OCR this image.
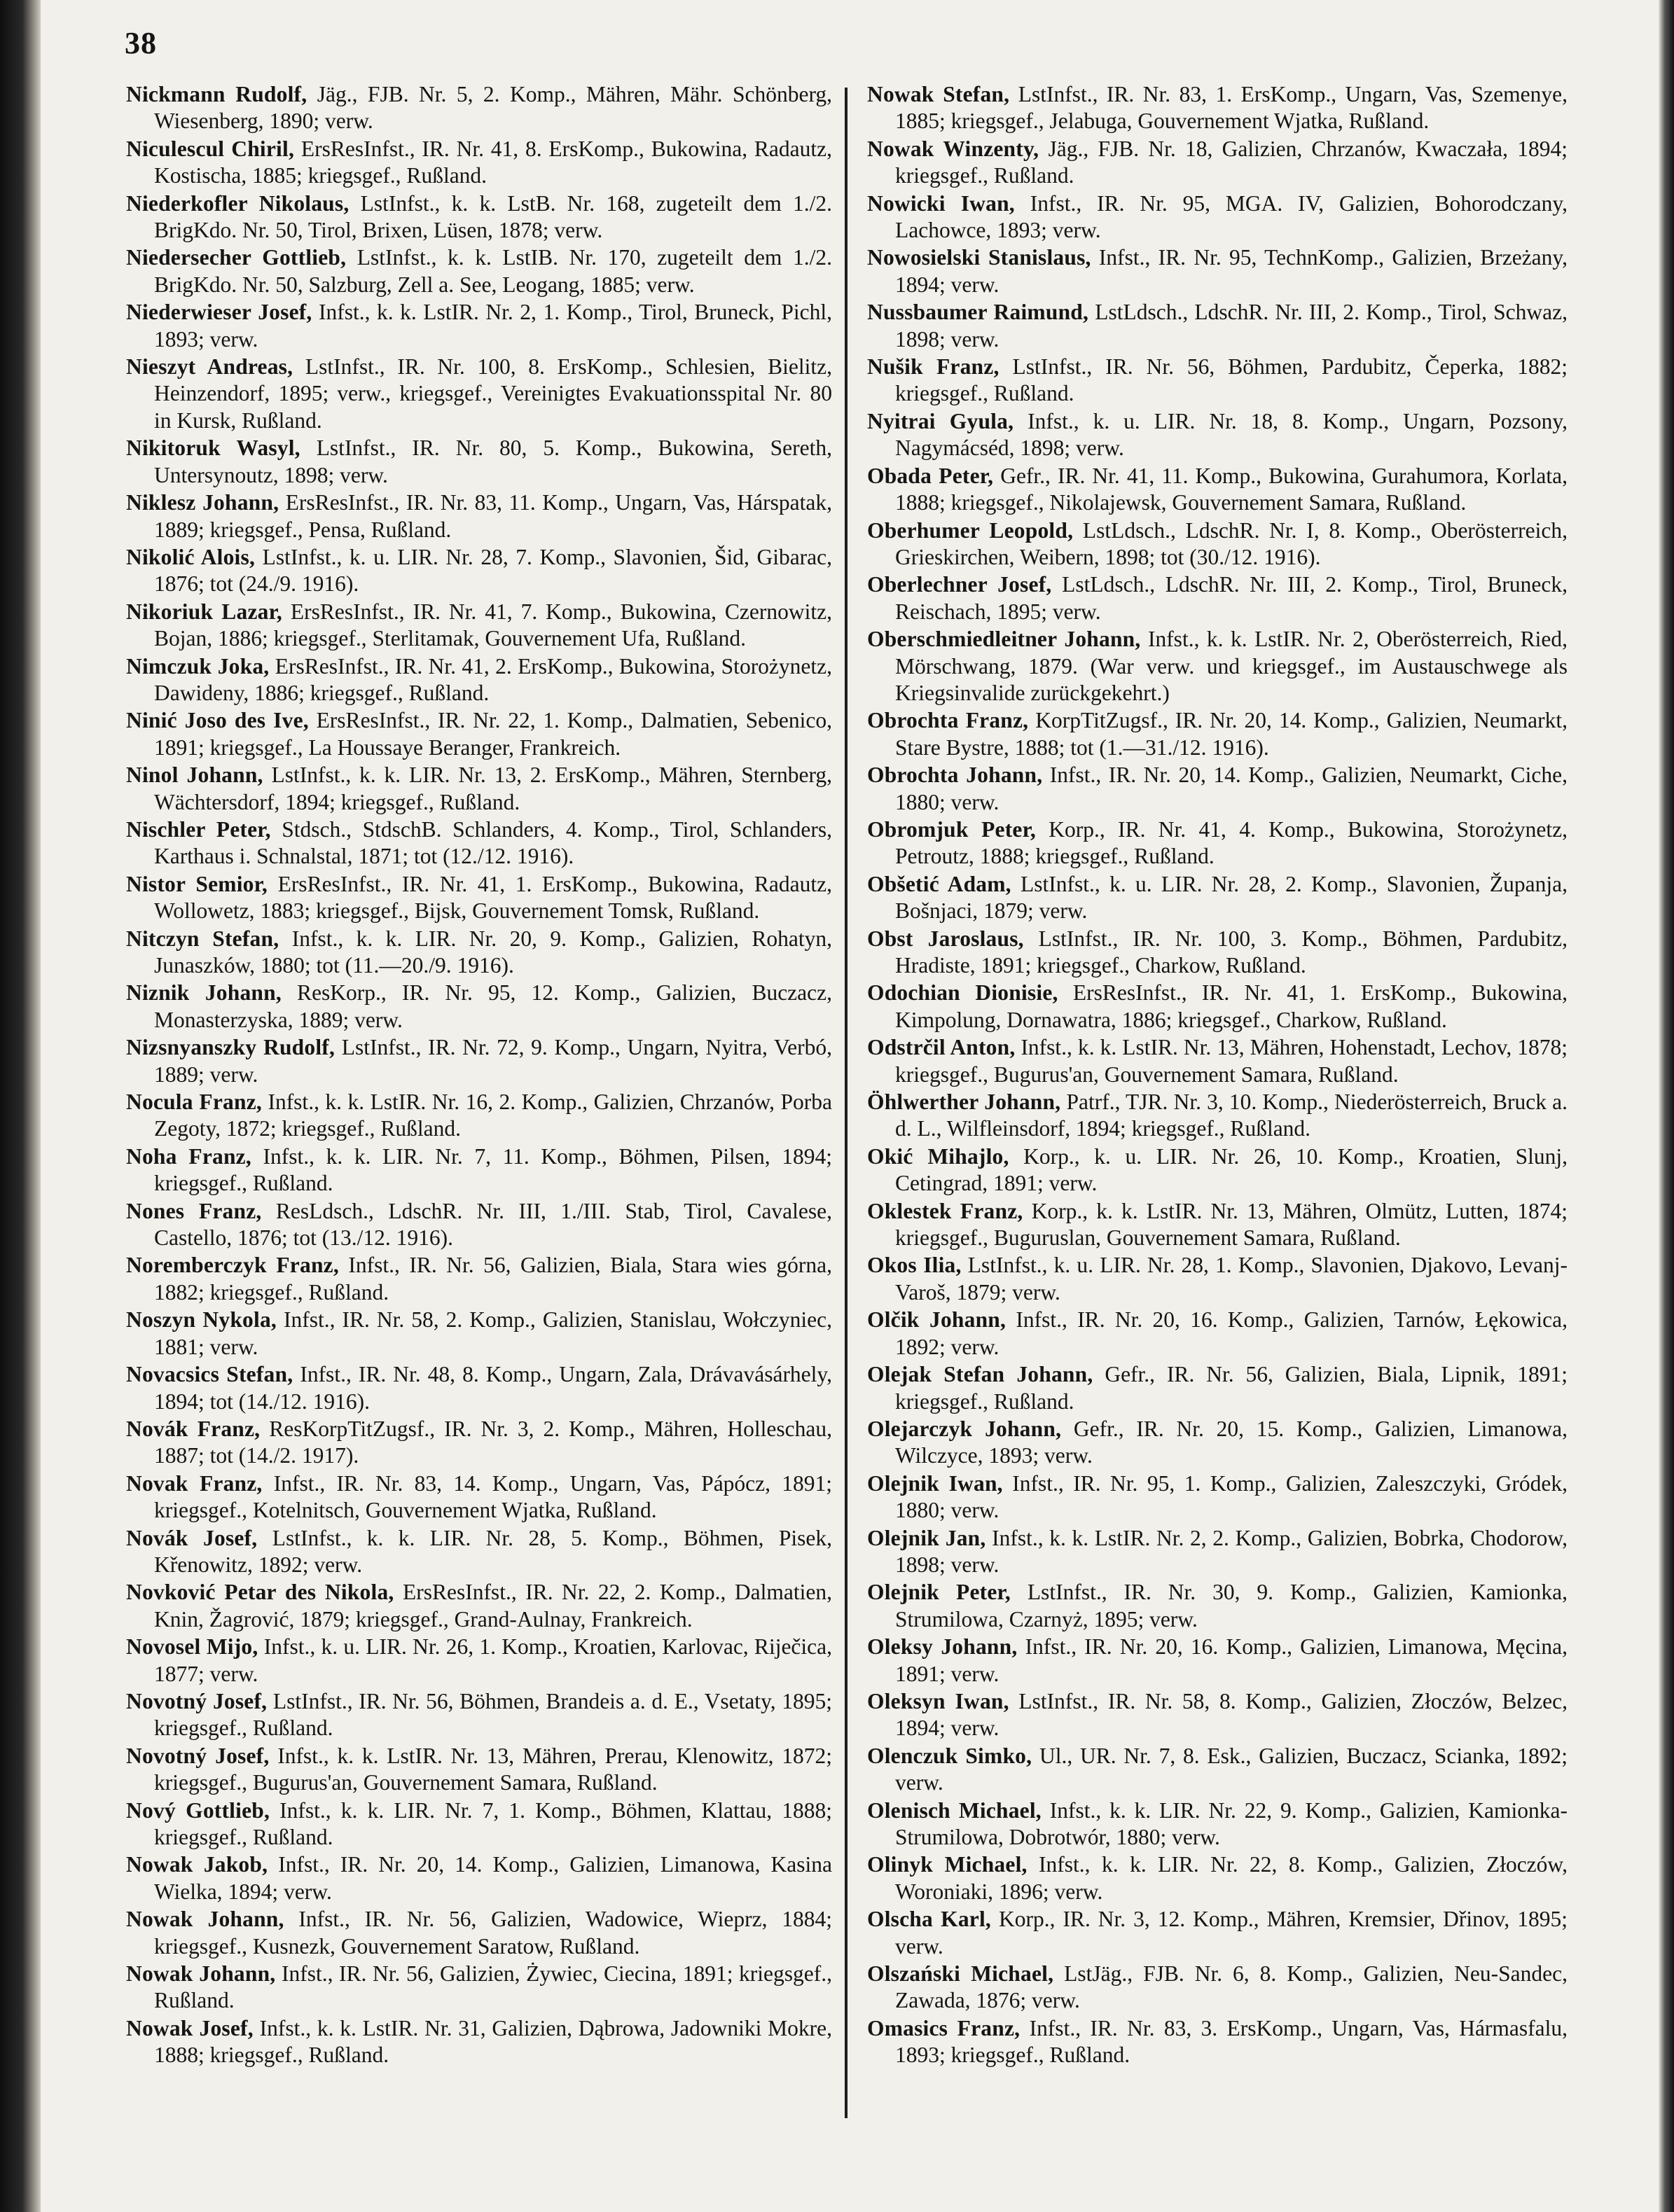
38
Nickmann Rudolf, Jäg., FJB. Nr. 5, 2. Komp., Mähren, Mähr. Schönberg, Wiesenberg, 1890; verw.
Niculescul Chiril, ErsResInfst., IR. Nr. 41, 8. ErsKomp., Bukowina, Radautz, Kostischa, 1885; kriegsgef., Rußland.
Niederkofler Nikolaus, LstInfst., k. k. LstB. Nr. 168, zugeteilt dem 1./2. BrigKdo. Nr. 50, Tirol, Brixen, Lüsen, 1878; verw.
Niedersecher Gottlieb, LstInfst., k. k. LstIB. Nr. 170, zugeteilt dem 1./2. BrigKdo. Nr. 50, Salzburg, Zell a. See, Leogang, 1885; verw.
Niederwieser Josef, Infst., k. k. LstIR. Nr. 2, 1. Komp., Tirol, Bruneck, Pichl, 1893; verw.
Nieszyt Andreas, LstInfst., IR. Nr. 100, 8. ErsKomp., Schlesien, Bielitz, Heinzendorf, 1895; verw., kriegsgef., Vereinigtes Evakuationsspital Nr. 80 in Kursk, Rußland.
Nikitoruk Wasyl, LstInfst., IR. Nr. 80, 5. Komp., Bukowina, Sereth, Untersynoutz, 1898; verw.
Niklesz Johann, ErsResInfst., IR. Nr. 83, 11. Komp., Ungarn, Vas, Hárspatak, 1889; kriegsgef., Pensa, Rußland.
Nikolić Alois, LstInfst., k. u. LIR. Nr. 28, 7. Komp., Slavonien, Šid, Gibarac, 1876; tot (24./9. 1916).
Nikoriuk Lazar, ErsResInfst., IR. Nr. 41, 7. Komp., Bukowina, Czernowitz, Bojan, 1886; kriegsgef., Sterlitamak, Gouvernement Ufa, Rußland.
Nimczuk Joka, ErsResInfst., IR. Nr. 41, 2. ErsKomp., Bukowina, Storożynetz, Dawideny, 1886; kriegsgef., Rußland.
Ninić Joso des Ive, ErsResInfst., IR. Nr. 22, 1. Komp., Dalmatien, Sebenico, 1891; kriegsgef., La Houssaye Beranger, Frankreich.
Ninol Johann, LstInfst., k. k. LIR. Nr. 13, 2. ErsKomp., Mähren, Sternberg, Wächtersdorf, 1894; kriegsgef., Rußland.
Nischler Peter, Stdsch., StdschB. Schlanders, 4. Komp., Tirol, Schlanders, Karthaus i. Schnalstal, 1871; tot (12./12. 1916).
Nistor Semior, ErsResInfst., IR. Nr. 41, 1. ErsKomp., Bukowina, Radautz, Wollowetz, 1883; kriegsgef., Bijsk, Gouvernement Tomsk, Rußland.
Nitczyn Stefan, Infst., k. k. LIR. Nr. 20, 9. Komp., Galizien, Rohatyn, Junaszków, 1880; tot (11.—20./9. 1916).
Niznik Johann, ResKorp., IR. Nr. 95, 12. Komp., Galizien, Buczacz, Monasterzyska, 1889; verw.
Nizsnyanszky Rudolf, LstInfst., IR. Nr. 72, 9. Komp., Ungarn, Nyitra, Verbó, 1889; verw.
Nocula Franz, Infst., k. k. LstIR. Nr. 16, 2. Komp., Galizien, Chrzanów, Porba Zegoty, 1872; kriegsgef., Rußland.
Noha Franz, Infst., k. k. LIR. Nr. 7, 11. Komp., Böhmen, Pilsen, 1894; kriegsgef., Rußland.
Nones Franz, ResLdsch., LdschR. Nr. III, 1./III. Stab, Tirol, Cavalese, Castello, 1876; tot (13./12. 1916).
Noremberczyk Franz, Infst., IR. Nr. 56, Galizien, Biala, Stara wies górna, 1882; kriegsgef., Rußland.
Noszyn Nykola, Infst., IR. Nr. 58, 2. Komp., Galizien, Stanislau, Wołczyniec, 1881; verw.
Novacsics Stefan, Infst., IR. Nr. 48, 8. Komp., Ungarn, Zala, Drávavásárhely, 1894; tot (14./12. 1916).
Novák Franz, ResKorpTitZugsf., IR. Nr. 3, 2. Komp., Mähren, Holleschau, 1887; tot (14./2. 1917).
Novak Franz, Infst., IR. Nr. 83, 14. Komp., Ungarn, Vas, Pápócz, 1891; kriegsgef., Kotelnitsch, Gouvernement Wjatka, Rußland.
Novák Josef, LstInfst., k. k. LIR. Nr. 28, 5. Komp., Böhmen, Pisek, Křenowitz, 1892; verw.
Novković Petar des Nikola, ErsResInfst., IR. Nr. 22, 2. Komp., Dalmatien, Knin, Žagrović, 1879; kriegsgef., Grand-Aulnay, Frankreich.
Novosel Mijo, Infst., k. u. LIR. Nr. 26, 1. Komp., Kroatien, Karlovac, Riječica, 1877; verw.
Novotný Josef, LstInfst., IR. Nr. 56, Böhmen, Brandeis a. d. E., Vsetaty, 1895; kriegsgef., Rußland.
Novotný Josef, Infst., k. k. LstIR. Nr. 13, Mähren, Prerau, Klenowitz, 1872; kriegsgef., Bugurus'an, Gouvernement Samara, Rußland.
Nový Gottlieb, Infst., k. k. LIR. Nr. 7, 1. Komp., Böhmen, Klattau, 1888; kriegsgef., Rußland.
Nowak Jakob, Infst., IR. Nr. 20, 14. Komp., Galizien, Limanowa, Kasina Wielka, 1894; verw.
Nowak Johann, Infst., IR. Nr. 56, Galizien, Wadowice, Wieprz, 1884; kriegsgef., Kusnezk, Gouvernement Saratow, Rußland.
Nowak Johann, Infst., IR. Nr. 56, Galizien, Żywiec, Ciecina, 1891; kriegsgef., Rußland.
Nowak Josef, Infst., k. k. LstIR. Nr. 31, Galizien, Dąbrowa, Jadowniki Mokre, 1888; kriegsgef., Rußland.
Nowak Stefan, LstInfst., IR. Nr. 83, 1. ErsKomp., Ungarn, Vas, Szemenye, 1885; kriegsgef., Jelabuga, Gouvernement Wjatka, Rußland.
Nowak Winzenty, Jäg., FJB. Nr. 18, Galizien, Chrzanów, Kwaczała, 1894; kriegsgef., Rußland.
Nowicki Iwan, Infst., IR. Nr. 95, MGA. IV, Galizien, Bohorodczany, Lachowce, 1893; verw.
Nowosielski Stanislaus, Infst., IR. Nr. 95, TechnKomp., Galizien, Brzeżany, 1894; verw.
Nussbaumer Raimund, LstLdsch., LdschR. Nr. III, 2. Komp., Tirol, Schwaz, 1898; verw.
Nušik Franz, LstInfst., IR. Nr. 56, Böhmen, Pardubitz, Čeperka, 1882; kriegsgef., Rußland.
Nyitrai Gyula, Infst., k. u. LIR. Nr. 18, 8. Komp., Ungarn, Pozsony, Nagymácséd, 1898; verw.
Obada Peter, Gefr., IR. Nr. 41, 11. Komp., Bukowina, Gurahumora, Korlata, 1888; kriegsgef., Nikolajewsk, Gouvernement Samara, Rußland.
Oberhumer Leopold, LstLdsch., LdschR. Nr. I, 8. Komp., Oberösterreich, Grieskirchen, Weibern, 1898; tot (30./12. 1916).
Oberlechner Josef, LstLdsch., LdschR. Nr. III, 2. Komp., Tirol, Bruneck, Reischach, 1895; verw.
Oberschmiedleitner Johann, Infst., k. k. LstIR. Nr. 2, Oberösterreich, Ried, Mörschwang, 1879. (War verw. und kriegsgef., im Austauschwege als Kriegsinvalide zurückgekehrt.)
Obrochta Franz, KorpTitZugsf., IR. Nr. 20, 14. Komp., Galizien, Neumarkt, Stare Bystre, 1888; tot (1.—31./12. 1916).
Obrochta Johann, Infst., IR. Nr. 20, 14. Komp., Galizien, Neumarkt, Ciche, 1880; verw.
Obromjuk Peter, Korp., IR. Nr. 41, 4. Komp., Bukowina, Storożynetz, Petroutz, 1888; kriegsgef., Rußland.
Obšetić Adam, LstInfst., k. u. LIR. Nr. 28, 2. Komp., Slavonien, Županja, Bošnjaci, 1879; verw.
Obst Jaroslaus, LstInfst., IR. Nr. 100, 3. Komp., Böhmen, Pardubitz, Hradiste, 1891; kriegsgef., Charkow, Rußland.
Odochian Dionisie, ErsResInfst., IR. Nr. 41, 1. ErsKomp., Bukowina, Kimpolung, Dornawatra, 1886; kriegsgef., Charkow, Rußland.
Odstrčil Anton, Infst., k. k. LstIR. Nr. 13, Mähren, Hohenstadt, Lechov, 1878; kriegsgef., Bugurus'an, Gouvernement Samara, Rußland.
Öhlwerther Johann, Patrf., TJR. Nr. 3, 10. Komp., Niederösterreich, Bruck a. d. L., Wilfleinsdorf, 1894; kriegsgef., Rußland.
Okić Mihajlo, Korp., k. u. LIR. Nr. 26, 10. Komp., Kroatien, Slunj, Cetingrad, 1891; verw.
Oklestek Franz, Korp., k. k. LstIR. Nr. 13, Mähren, Olmütz, Lutten, 1874; kriegsgef., Buguruslan, Gouvernement Samara, Rußland.
Okos Ilia, LstInfst., k. u. LIR. Nr. 28, 1. Komp., Slavonien, Djakovo, Levanj-Varoš, 1879; verw.
Olčik Johann, Infst., IR. Nr. 20, 16. Komp., Galizien, Tarnów, Łękowica, 1892; verw.
Olejak Stefan Johann, Gefr., IR. Nr. 56, Galizien, Biala, Lipnik, 1891; kriegsgef., Rußland.
Olejarczyk Johann, Gefr., IR. Nr. 20, 15. Komp., Galizien, Limanowa, Wilczyce, 1893; verw.
Olejnik Iwan, Infst., IR. Nr. 95, 1. Komp., Galizien, Zaleszczyki, Gródek, 1880; verw.
Olejnik Jan, Infst., k. k. LstIR. Nr. 2, 2. Komp., Galizien, Bobrka, Chodorow, 1898; verw.
Olejnik Peter, LstInfst., IR. Nr. 30, 9. Komp., Galizien, Kamionka, Strumilowa, Czarnyż, 1895; verw.
Oleksy Johann, Infst., IR. Nr. 20, 16. Komp., Galizien, Limanowa, Męcina, 1891; verw.
Oleksyn Iwan, LstInfst., IR. Nr. 58, 8. Komp., Galizien, Złoczów, Belzec, 1894; verw.
Olenczuk Simko, Ul., UR. Nr. 7, 8. Esk., Galizien, Buczacz, Scianka, 1892; verw.
Olenisch Michael, Infst., k. k. LIR. Nr. 22, 9. Komp., Galizien, Kamionka-Strumilowa, Dobrotwór, 1880; verw.
Olinyk Michael, Infst., k. k. LIR. Nr. 22, 8. Komp., Galizien, Złoczów, Woroniaki, 1896; verw.
Olscha Karl, Korp., IR. Nr. 3, 12. Komp., Mähren, Kremsier, Dřinov, 1895; verw.
Olszański Michael, LstJäg., FJB. Nr. 6, 8. Komp., Galizien, Neu-Sandec, Zawada, 1876; verw.
Omasics Franz, Infst., IR. Nr. 83, 3. ErsKomp., Ungarn, Vas, Hármasfalu, 1893; kriegsgef., Rußland.
